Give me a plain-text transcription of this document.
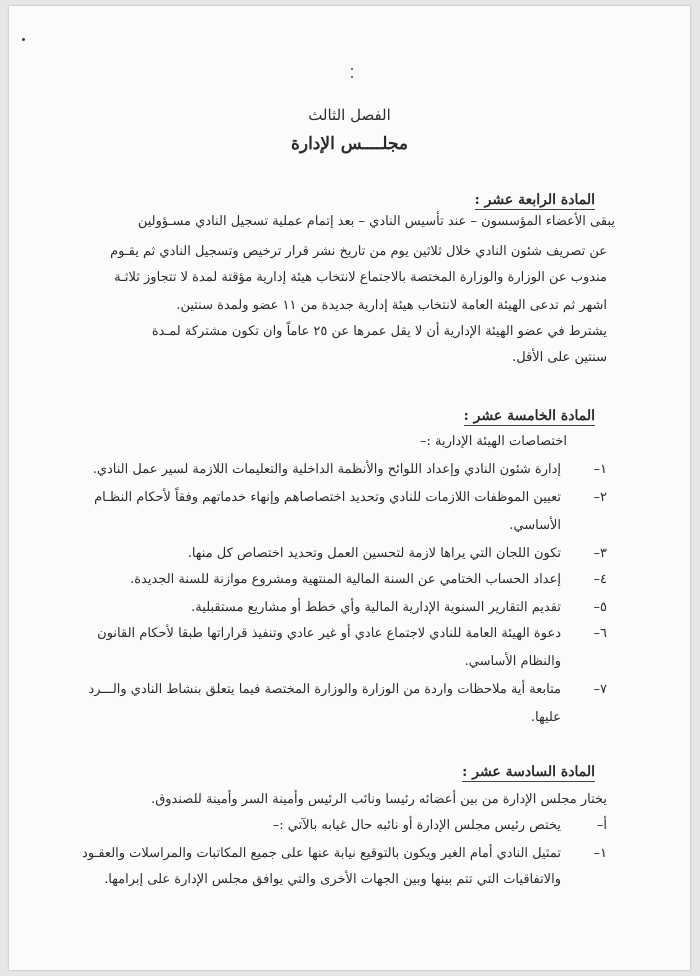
الفصل الثالث
مجلــــس الإدارة
المادة الرابعة عشر :
يبقى الأعضاء المؤسسون – عند تأسيس النادي – بعد إتمام عملية تسجيل النادي مسـؤولين
عن تصريف شئون النادي خلال ثلاثين يوم من تاريخ نشر قرار ترخيص وتسجيل النادي ثم يقـوم
مندوب عن الوزارة والوزارة المختصة بالاجتماع لانتخاب هيئة إدارية مؤقتة لمدة لا تتجاوز ثلاثـة
اشهر ثم تدعى الهيئة العامة لانتخاب هيئة إدارية جديدة من ١١ عضو ولمدة سنتين.
يشترط في عضو الهيئة الإدارية أن لا يقل عمرها عن ٢٥ عاماً وان تكون مشتركة لمـدة
سنتين على الأقل.
المادة الخامسة عشر :
اختصاصات الهيئة الإدارية :–
١–إدارة شئون النادي وإعداد اللوائح والأنظمة الداخلية والتعليمات اللازمة لسير عمل النادي.
٢–تعيين الموظفات اللازمات للنادي وتحديد اختصاصاهم وإنهاء خدماتهم وفقاً لأحكام النظـام
الأساسي.
٣–تكون اللجان التي يراها لازمة لتحسين العمل وتحديد اختصاص كل منها.
٤–إعداد الحساب الختامي عن السنة المالية المنتهية ومشروع موازنة للسنة الجديدة.
٥–تقديم التقارير السنوية الإدارية المالية وأي خطط أو مشاريع مستقبلية.
٦–دعوة الهيئة العامة للنادي لاجتماع عادي أو غير عادي وتنفيذ قراراتها طبقا لأحكام القانون
والنظام الأساسي.
٧–متابعة أية ملاحظات واردة من الوزارة والوزارة المختصة فيما يتعلق بنشاط النادي والـــرد
عليها.
المادة السادسة عشر :
يختار مجلس الإدارة من بين أعضائه رئيسا ونائب الرئيس وأمينة السر وأمينة للصندوق.
أ–يختص رئيس مجلس الإدارة أو نائبه حال غيابه بالآتي :–
١–تمثيل النادي أمام الغير ويكون بالتوقيع نيابة عنها على جميع المكاتبات والمراسلات والعقـود
والاتفاقيات التي تتم بينها وبين الجهات الأخرى والتي يوافق مجلس الإدارة على إبرامها.
